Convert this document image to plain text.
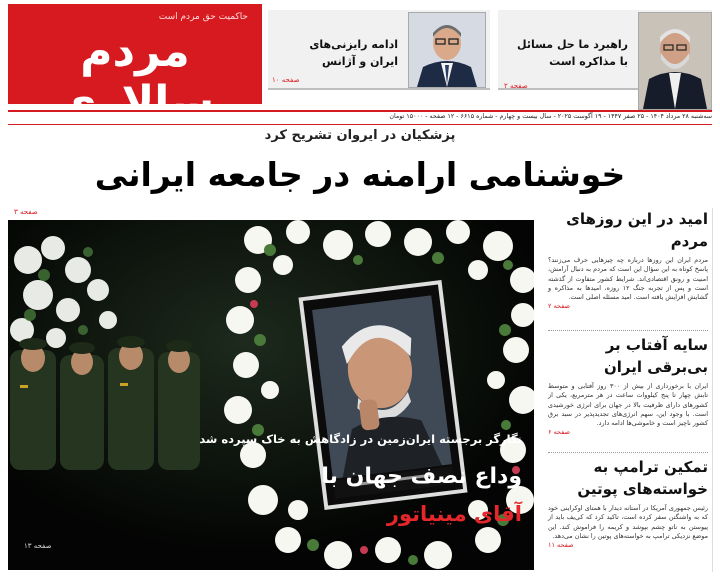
حاکمیت حق مردم است
مردم سالاری
ادامه رایزنی‌های
ایران و آژانس
صفحه ۱۰
راهبرد ما حل مسائل
با مذاکره است
صفحه ۲
سه‌شنبه ۲۸ مرداد ۱۴۰۴ - ۲۵ صفر ۱۴۴۷ - ۱۹ آگوست ۲۰۲۵ - سال بیست و چهارم - شماره ۶۶۱۵ - ۱۲ صفحه - ۱۵۰۰۰ تومان
پزشکیان در ایروان تشریح کرد
خوشنامی ارامنه در جامعه ایرانی
صفحه ۳
نگارگر برجسته ایران‌زمین در زادگاهش به خاک سپرده شد
وداع نصف جهان با
آقای مینیاتور
صفحه ۱۳
امید در این روزهای مردم
مردم ایران این روزها درباره چه چیزهایی حرف می‌زنند؟ پاسخ کوتاه به این سؤال این است که مردم به دنبال آرامش، امنیت و رونق اقتصادی‌اند. شرایط کشور متفاوت از گذشته است و پس از تجربه جنگ ۱۲ روزه، امیدها به مذاکره و گشایش افزایش یافته است. امید مسئله اصلی است.
صفحه ۲
سایه آفتاب بر بی‌برقی ایران
ایران با برخورداری از بیش از ۳۰۰ روز آفتابی و متوسط تابش چهار تا پنج کیلووات ساعت در هر مترمربع، یکی از کشورهای دارای ظرفیت بالا در جهان برای انرژی خورشیدی است. با وجود این، سهم انرژی‌های تجدیدپذیر در سبد برق کشور ناچیز است و خاموشی‌ها ادامه دارد.
صفحه ۶
تمکین ترامپ به خواسته‌های پوتین
رئیس جمهوری آمریکا در آستانه دیدار با همتای اوکراینی خود که به واشنگتن سفر کرده است، تاکید کرد که کی‌یف باید از پیوستن به ناتو چشم بپوشد و کریمه را فراموش کند. این موضع نزدیکی ترامپ به خواسته‌های پوتین را نشان می‌دهد.
صفحه ۱۱
